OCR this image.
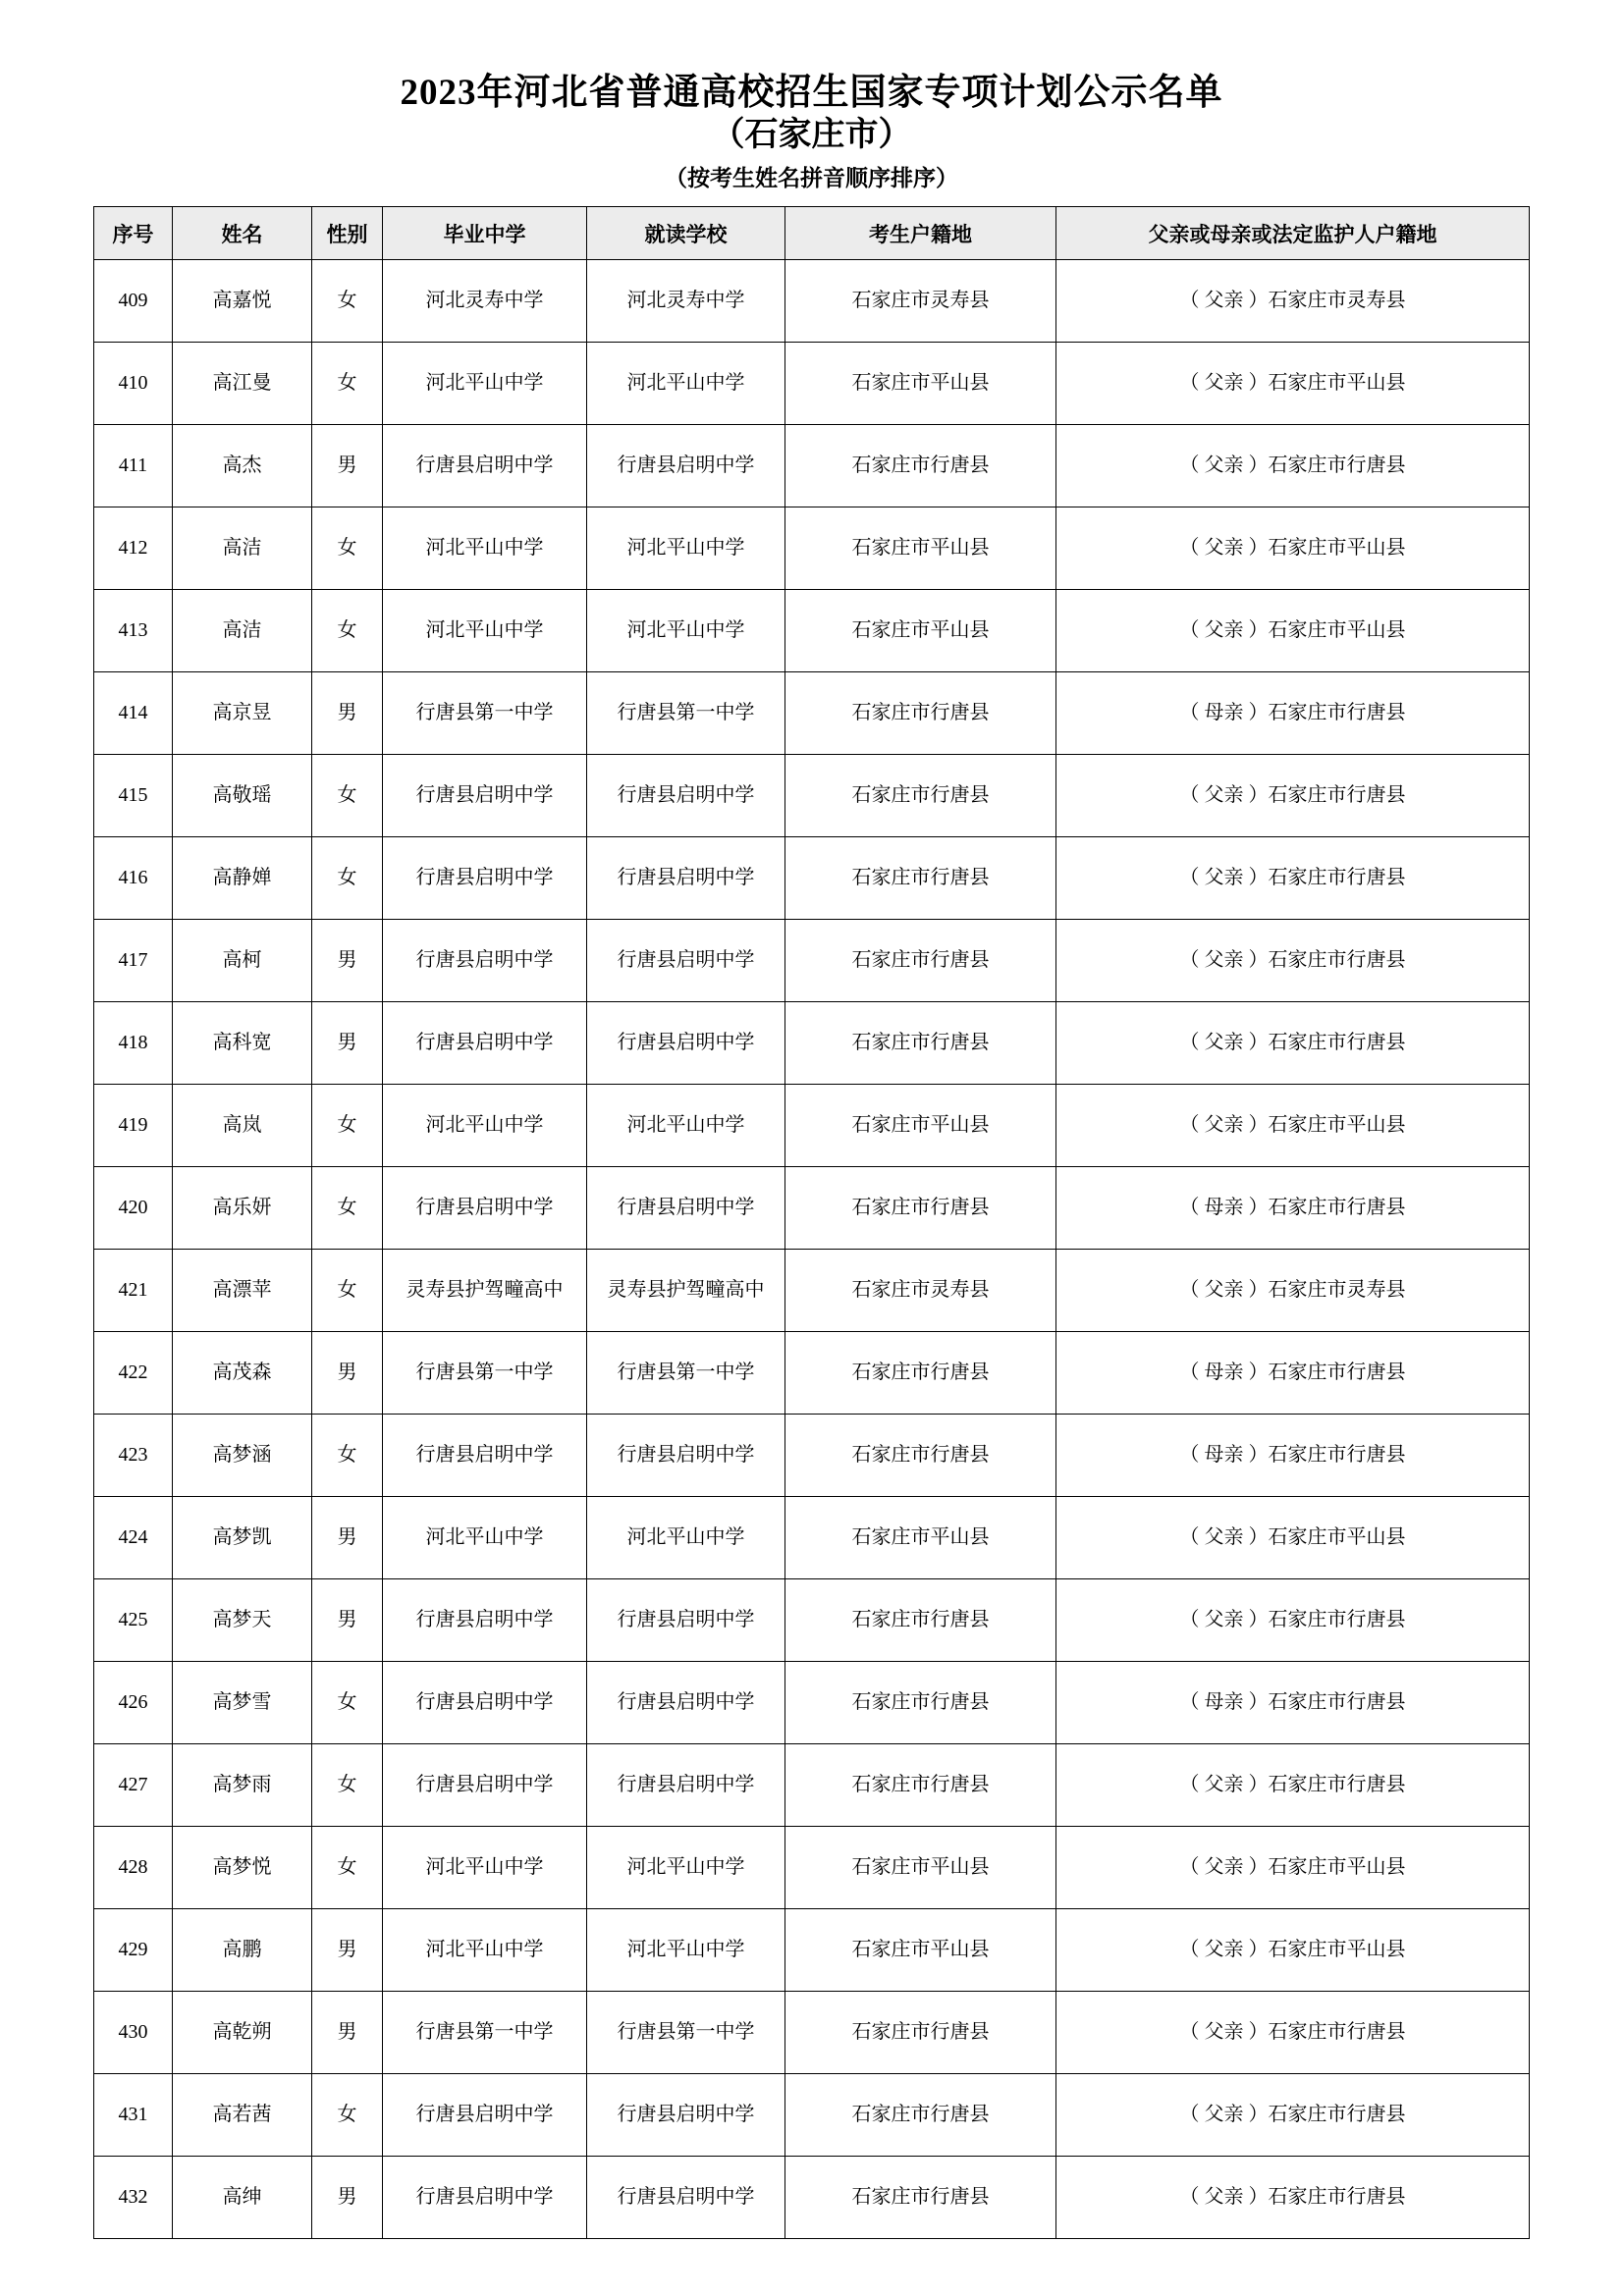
2023年河北省普通高校招生国家专项计划公示名单
（石家庄市）
（按考生姓名拼音顺序排序）
序号	姓名	性别	毕业中学	就读学校	考生户籍地	父亲或母亲或法定监护人户籍地
409	高嘉悦	女	河北灵寿中学	河北灵寿中学	石家庄市灵寿县	（ 父亲 ）石家庄市灵寿县
410	高江曼	女	河北平山中学	河北平山中学	石家庄市平山县	（ 父亲 ）石家庄市平山县
411	高杰	男	行唐县启明中学	行唐县启明中学	石家庄市行唐县	（ 父亲 ）石家庄市行唐县
412	高洁	女	河北平山中学	河北平山中学	石家庄市平山县	（ 父亲 ）石家庄市平山县
413	高洁	女	河北平山中学	河北平山中学	石家庄市平山县	（ 父亲 ）石家庄市平山县
414	高京昱	男	行唐县第一中学	行唐县第一中学	石家庄市行唐县	（ 母亲 ）石家庄市行唐县
415	高敬瑶	女	行唐县启明中学	行唐县启明中学	石家庄市行唐县	（ 父亲 ）石家庄市行唐县
416	高静婵	女	行唐县启明中学	行唐县启明中学	石家庄市行唐县	（ 父亲 ）石家庄市行唐县
417	高柯	男	行唐县启明中学	行唐县启明中学	石家庄市行唐县	（ 父亲 ）石家庄市行唐县
418	高科宽	男	行唐县启明中学	行唐县启明中学	石家庄市行唐县	（ 父亲 ）石家庄市行唐县
419	高岚	女	河北平山中学	河北平山中学	石家庄市平山县	（ 父亲 ）石家庄市平山县
420	高乐妍	女	行唐县启明中学	行唐县启明中学	石家庄市行唐县	（ 母亲 ）石家庄市行唐县
421	高漂苹	女	灵寿县护驾疃高中	灵寿县护驾疃高中	石家庄市灵寿县	（ 父亲 ）石家庄市灵寿县
422	高茂森	男	行唐县第一中学	行唐县第一中学	石家庄市行唐县	（ 母亲 ）石家庄市行唐县
423	高梦涵	女	行唐县启明中学	行唐县启明中学	石家庄市行唐县	（ 母亲 ）石家庄市行唐县
424	高梦凯	男	河北平山中学	河北平山中学	石家庄市平山县	（ 父亲 ）石家庄市平山县
425	高梦天	男	行唐县启明中学	行唐县启明中学	石家庄市行唐县	（ 父亲 ）石家庄市行唐县
426	高梦雪	女	行唐县启明中学	行唐县启明中学	石家庄市行唐县	（ 母亲 ）石家庄市行唐县
427	高梦雨	女	行唐县启明中学	行唐县启明中学	石家庄市行唐县	（ 父亲 ）石家庄市行唐县
428	高梦悦	女	河北平山中学	河北平山中学	石家庄市平山县	（ 父亲 ）石家庄市平山县
429	高鹏	男	河北平山中学	河北平山中学	石家庄市平山县	（ 父亲 ）石家庄市平山县
430	高乾朔	男	行唐县第一中学	行唐县第一中学	石家庄市行唐县	（ 父亲 ）石家庄市行唐县
431	高若茜	女	行唐县启明中学	行唐县启明中学	石家庄市行唐县	（ 父亲 ）石家庄市行唐县
432	高绅	男	行唐县启明中学	行唐县启明中学	石家庄市行唐县	（ 父亲 ）石家庄市行唐县
